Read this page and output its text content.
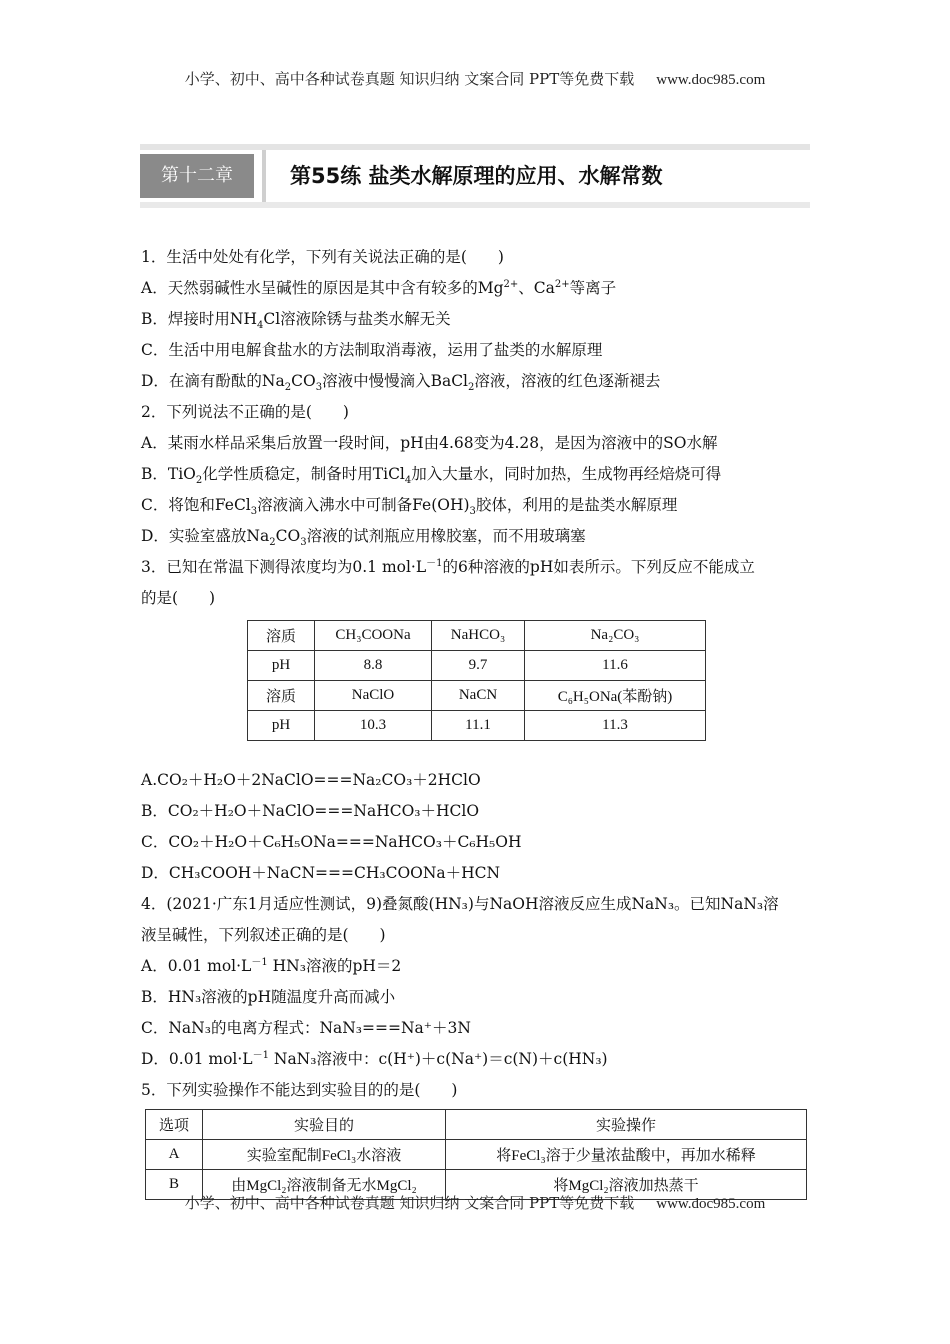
小学、初中、高中各种试卷真题 知识归纳 文案合同 PPT等免费下载 www.doc985.com
第十二章	第55练 盐类水解原理的应用、水解常数
1．生活中处处有化学，下列有关说法正确的是(　　)
A．天然弱碱性水呈碱性的原因是其中含有较多的$Mg^{2+}$、$Ca^{2+}$等离子
B．焊接时用$NH_4Cl$溶液除锈与盐类水解无关
C．生活中用电解食盐水的方法制取消毒液，运用了盐类的水解原理
D．在滴有酚酞的$Na_2CO_3$溶液中慢慢滴入BaCl$_2$溶液，溶液的红色逐渐褪去
2．下列说法不正确的是(　　)
A．某雨水样品采集后放置一段时间，pH由4.68变为4.28，是因为溶液中的SO水解
B．TiO$_2$化学性质稳定，制备时用TiCl$_4$加入大量水，同时加热，生成物再经焙烧可得
C．将饱和FeCl$_3$溶液滴入沸水中可制备$Fe(OH)_3$胶体，利用的是盐类水解原理
D．实验室盛放$Na_2CO_3$溶液的试剂瓶应用橡胶塞，而不用玻璃塞
3．已知在常温下测得浓度均为0.1 $mol\cdot L^{-1}$的6种溶液的pH如表所示。下列反应不能成立
的是(　　)
溶质	CH₃COONa	NaHCO₃	Na₂CO₃
pH	8.8	9.7	11.6
溶质	NaClO	NaCN	C₆H₅ONa(苯酚钠)
pH	10.3	11.1	11.3
A.CO₂＋H₂O＋2NaClO===Na₂CO₃＋2HClO
B．CO₂＋H₂O＋NaClO===NaHCO₃＋HClO
C．CO₂＋H₂O＋C₆H₅ONa===NaHCO₃＋C₆H₅OH
D．CH₃COOH＋NaCN===CH₃COONa＋HCN
4．(2021·广东1月适应性测试，9)叠氮酸(HN₃)与NaOH溶液反应生成NaN₃。已知NaN₃溶
液呈碱性，下列叙述正确的是(　　)
A．0.01 $mol\cdot L^{-1}$ HN₃溶液的pH＝2
B．HN₃溶液的pH随温度升高而减小
C．NaN₃的电离方程式：NaN₃===Na⁺＋3N
D．0.01 $mol\cdot L^{-1}$ NaN₃溶液中：c(H⁺)＋c(Na⁺)＝c(N)＋c(HN₃)
5．下列实验操作不能达到实验目的的是(　　)
选项	实验目的	实验操作
A	实验室配制FeCl₃水溶液	将FeCl₃溶于少量浓盐酸中，再加水稀释
B	由MgCl₂溶液制备无水MgCl₂	将MgCl₂溶液加热蒸干
小学、初中、高中各种试卷真题 知识归纳 文案合同 PPT等免费下载 www.doc985.com
